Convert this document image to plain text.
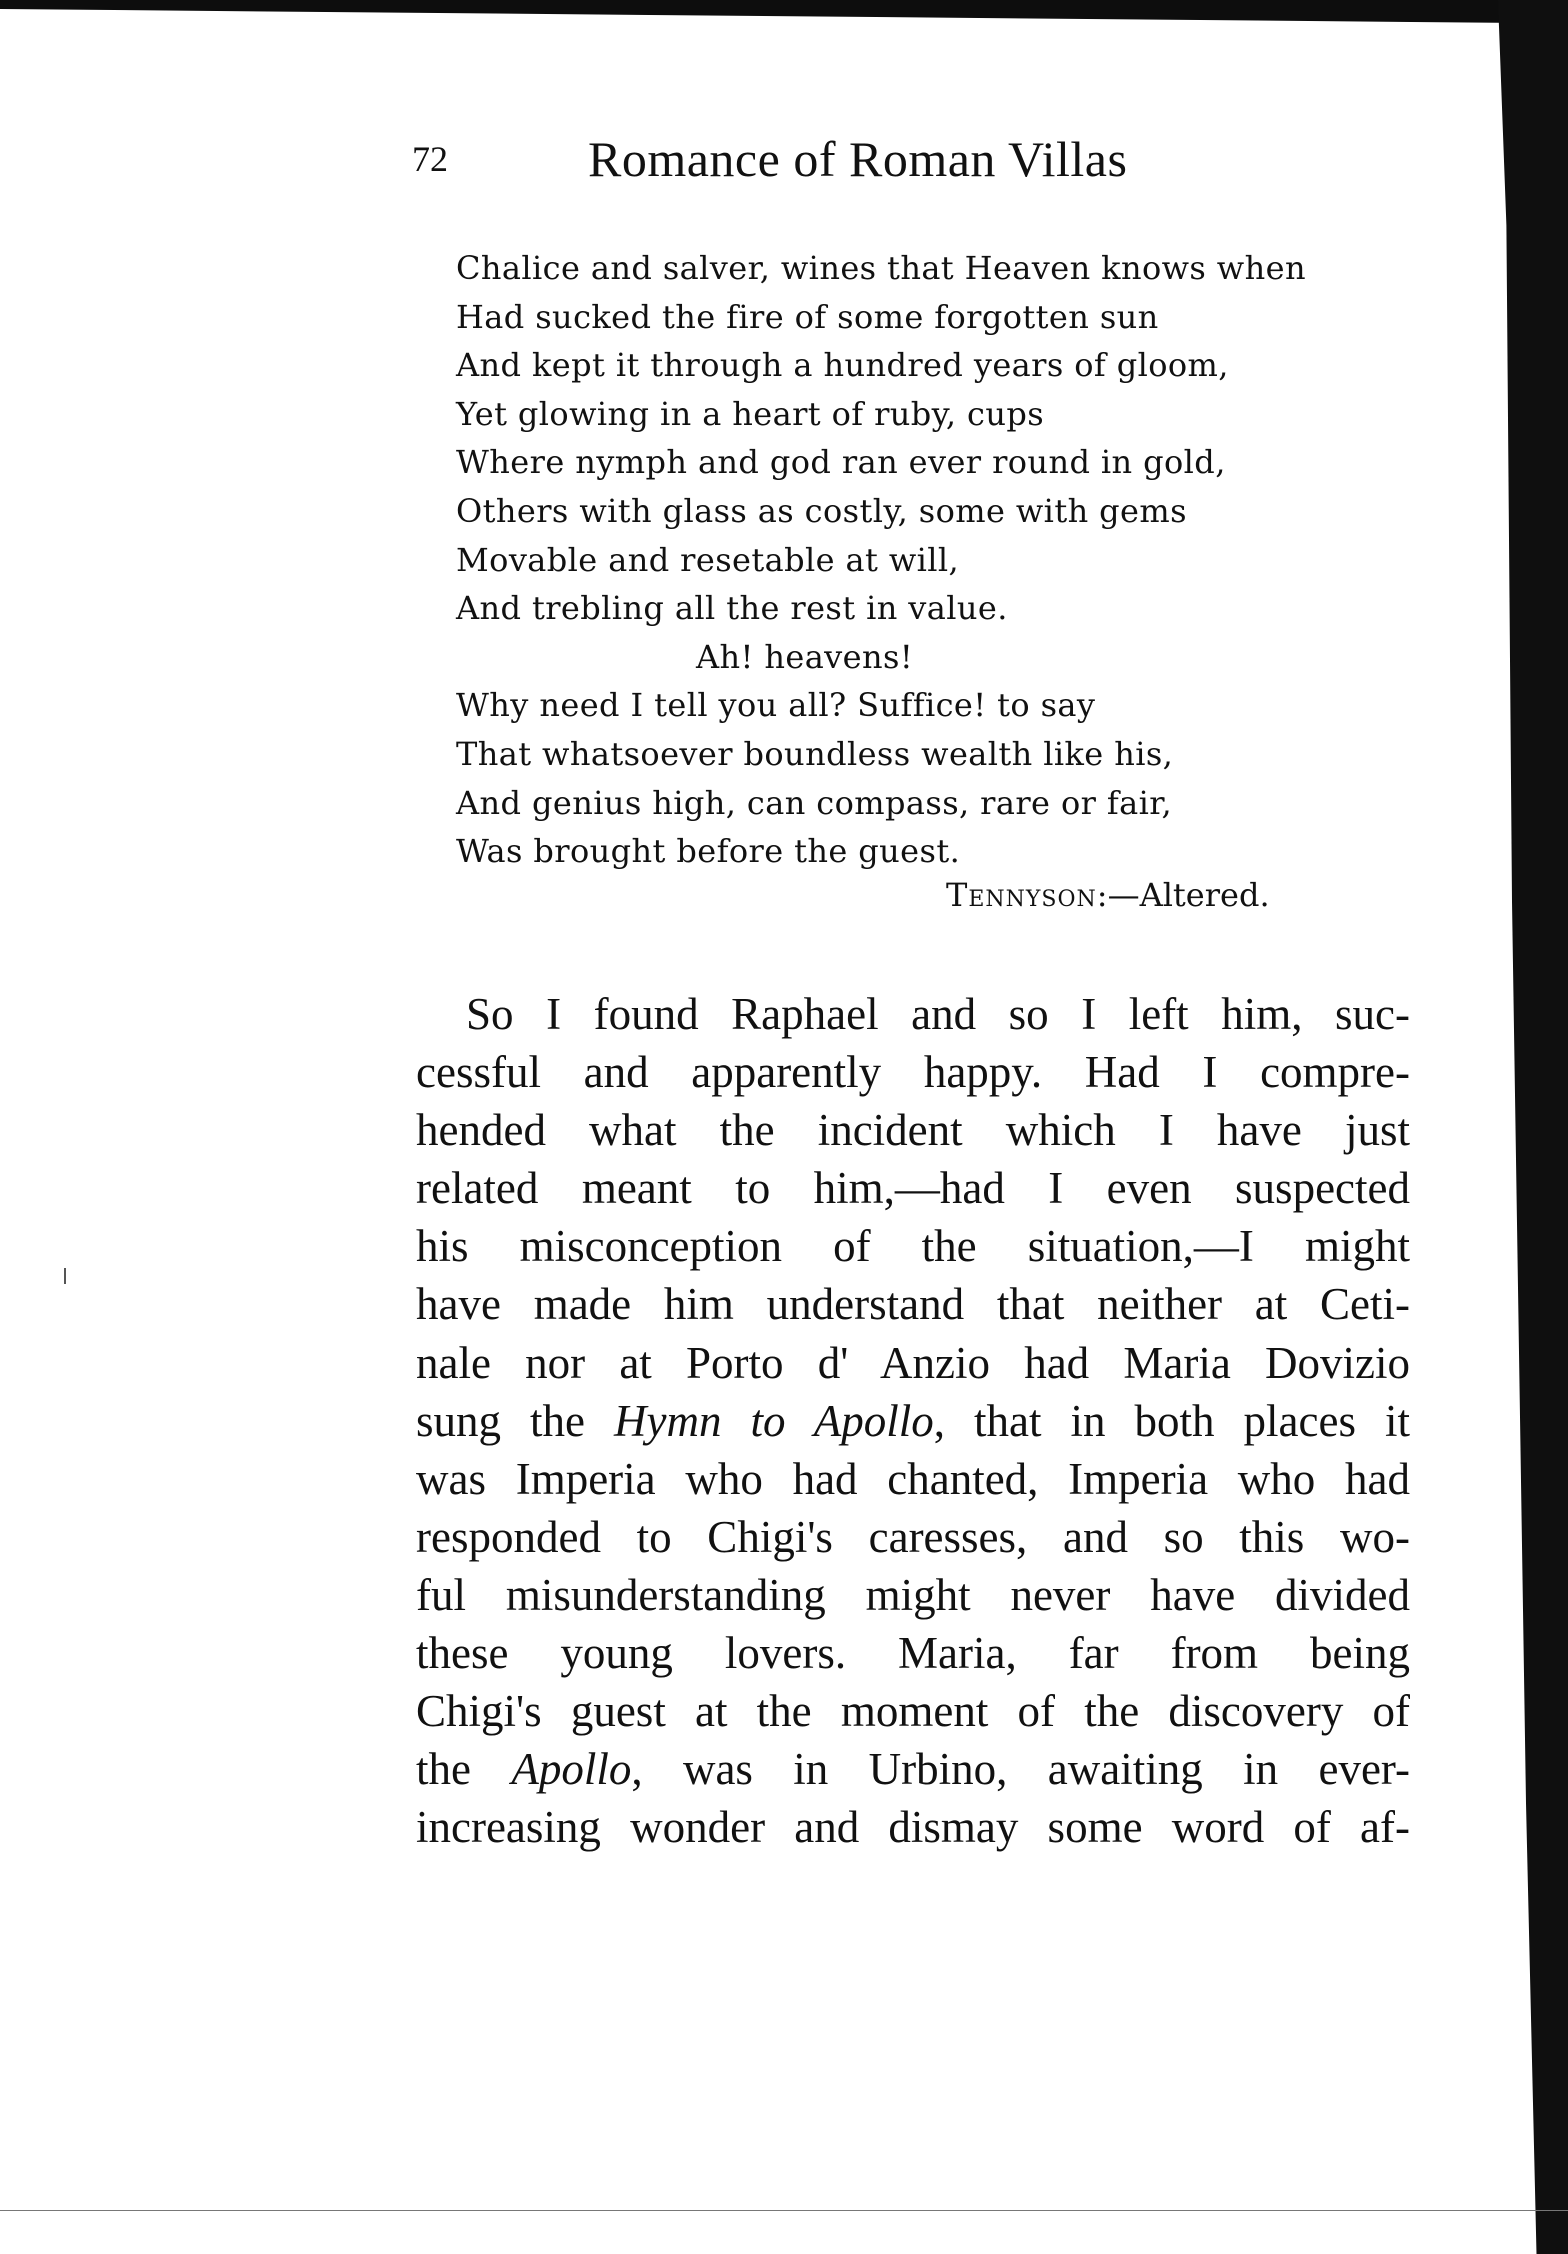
72	Romance of Roman Villas
Chalice and salver, wines that Heaven knows when
Had sucked the fire of some forgotten sun
And kept it through a hundred years of gloom,
Yet glowing in a heart of ruby, cups
Where nymph and god ran ever round in gold,
Others with glass as costly, some with gems
Movable and resetable at will,
And trebling all the rest in value.
Ah! heavens!
Why need I tell you all? Suffice! to say
That whatsoever boundless wealth like his,
And genius high, can compass, rare or fair,
Was brought before the guest.
Tennyson:—Altered.
So I found Raphael and so I left him, suc-
cessful and apparently happy. Had I compre-
hended what the incident which I have just
related meant to him,—had I even suspected
his misconception of the situation,—I might
have made him understand that neither at Ceti-
nale nor at Porto d' Anzio had Maria Dovizio
sung the Hymn to Apollo, that in both places it
was Imperia who had chanted, Imperia who had
responded to Chigi's caresses, and so this wo-
ful misunderstanding might never have divided
these young lovers. Maria, far from being
Chigi's guest at the moment of the discovery of
the Apollo, was in Urbino, awaiting in ever-
increasing wonder and dismay some word of af-
